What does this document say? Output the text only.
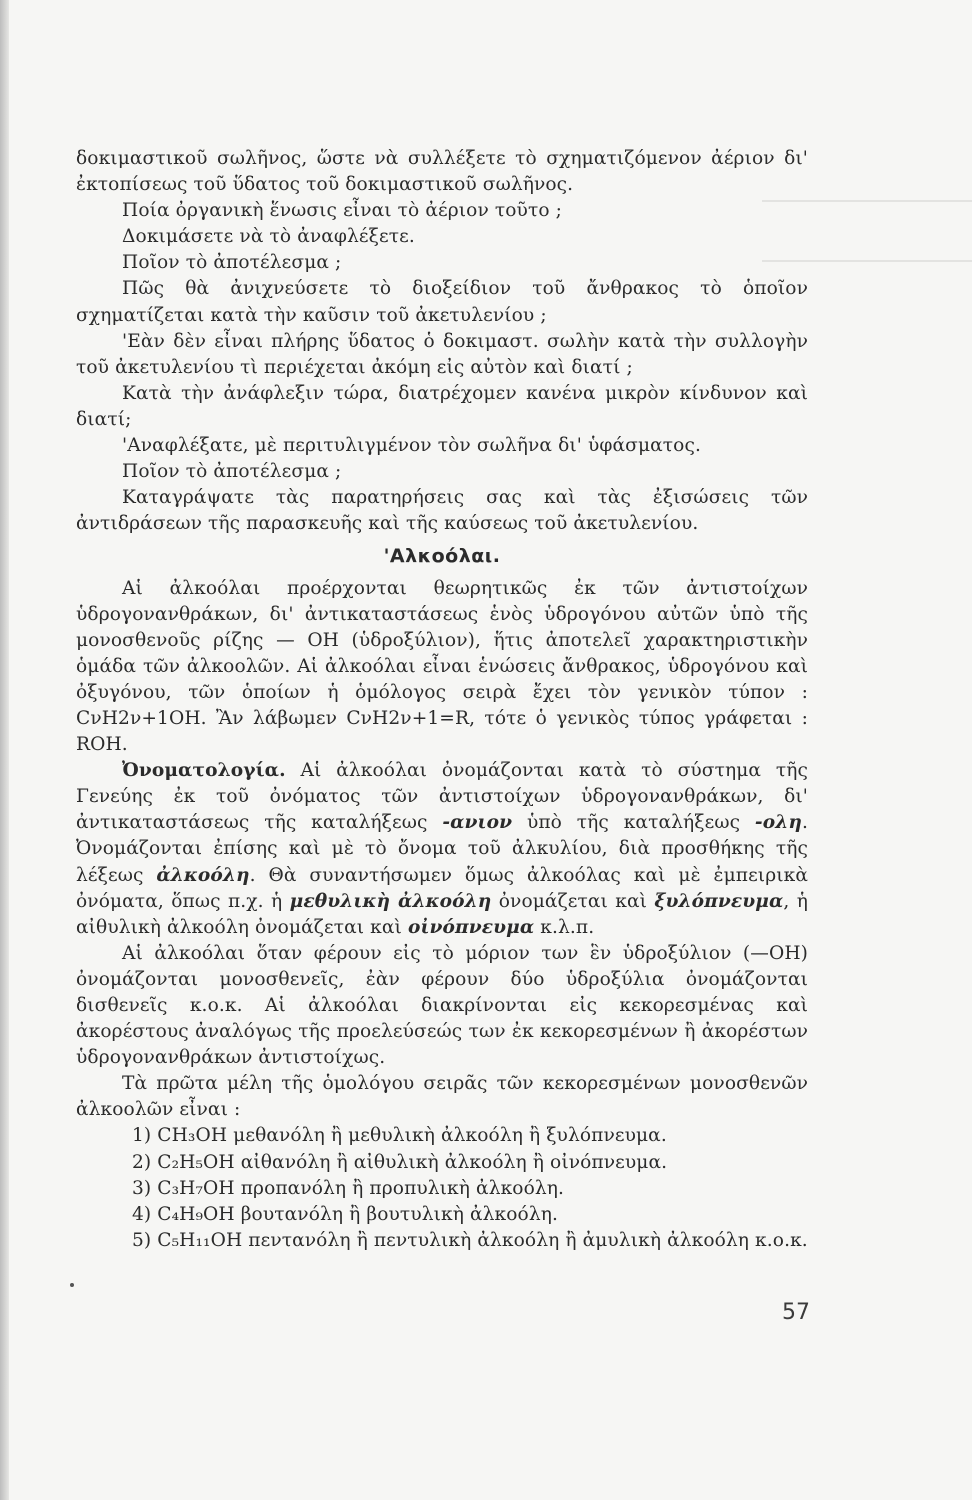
δοκιμαστικοῦ σωλῆνος, ὥστε νὰ συλλέξετε τὸ σχηματιζόμενον ἀέριον δι' ἐκτοπίσεως τοῦ ὕδατος τοῦ δοκιμαστικοῦ σωλῆνος.

Ποία ὀργανικὴ ἕνωσις εἶναι τὸ ἀέριον τοῦτο ;

Δοκιμάσετε νὰ τὸ ἀναφλέξετε.

Ποῖον τὸ ἀποτέλεσμα ;

Πῶς θὰ ἀνιχνεύσετε τὸ διοξείδιον τοῦ ἄνθρακος τὸ ὁποῖον σχηματίζεται κατὰ τὴν καῦσιν τοῦ ἀκετυλενίου ;

'Εὰν δὲν εἶναι πλήρης ὕδατος ὁ δοκιμαστ. σωλὴν κατὰ τὴν συλλογὴν τοῦ ἀκετυλενίου τὶ περιέχεται ἀκόμη εἰς αὐτὸν καὶ διατί ;

Κατὰ τὴν ἀνάφλεξιν τώρα, διατρέχομεν κανένα μικρὸν κίνδυνον καὶ διατί;

'Αναφλέξατε, μὲ περιτυλιγμένον τὸν σωλῆνα δι' ὑφάσματος.

Ποῖον τὸ ἀποτέλεσμα ;

Καταγράψατε τὰς παρατηρήσεις σας καὶ τὰς ἐξισώσεις τῶν ἀντιδράσεων τῆς παρασκευῆς καὶ τῆς καύσεως τοῦ ἀκετυλενίου.

'Αλκοόλαι.

Αἱ ἀλκοόλαι προέρχονται θεωρητικῶς ἐκ τῶν ἀντιστοίχων ὑδρογονανθράκων, δι' ἀντικαταστάσεως ἑνὸς ὑδρογόνου αὐτῶν ὑπὸ τῆς μονοσθενοῦς ρίζης — ΟΗ (ὑδροξύλιον), ἥτις ἀποτελεῖ χαρακτηριστικὴν ὁμάδα τῶν ἀλκοολῶν. Αἱ ἀλκοόλαι εἶναι ἑνώσεις ἄνθρακος, ὑδρογόνου καὶ ὀξυγόνου, τῶν ὁποίων ἡ ὁμόλογος σειρὰ ἔχει τὸν γενικὸν τύπον : CνH2ν+1OH. Ἂν λάβωμεν CνH2ν+1=R, τότε ὁ γενικὸς τύπος γράφεται : ROH.

Ὀνοματολογία. Αἱ ἀλκοόλαι ὀνομάζονται κατὰ τὸ σύστημα τῆς Γενεύης ἐκ τοῦ ὀνόματος τῶν ἀντιστοίχων ὑδρογονανθράκων, δι' ἀντικαταστάσεως τῆς καταλήξεως -ανιον ὑπὸ τῆς καταλήξεως -ολη. Ὀνομάζονται ἐπίσης καὶ μὲ τὸ ὄνομα τοῦ ἀλκυλίου, διὰ προσθήκης τῆς λέξεως ἀλκοόλη. Θὰ συναντήσωμεν ὅμως ἀλκοόλας καὶ μὲ ἐμπειρικὰ ὀνόματα, ὅπως π.χ. ἡ μεθυλικὴ ἀλκοόλη ὀνομάζεται καὶ ξυλόπνευμα, ἡ αἰθυλικὴ ἀλκοόλη ὀνομάζεται καὶ οἰνόπνευμα κ.λ.π.

Αἱ ἀλκοόλαι ὅταν φέρουν εἰς τὸ μόριον των ἓν ὑδροξύλιον (—ΟΗ) ὀνομάζονται μονοσθενεῖς, ἐὰν φέρουν δύο ὑδροξύλια ὀνομάζονται δισθενεῖς κ.ο.κ. Αἱ ἀλκοόλαι διακρίνονται εἰς κεκορεσμένας καὶ ἀκορέστους ἀναλόγως τῆς προελεύσεώς των ἐκ κεκορεσμένων ἢ ἀκορέστων ὑδρογονανθράκων ἀντιστοίχως.

Τὰ πρῶτα μέλη τῆς ὁμολόγου σειρᾶς τῶν κεκορεσμένων μονοσθενῶν ἀλκοολῶν εἶναι :

1) CH₃OH μεθανόλη ἢ μεθυλικὴ ἀλκοόλη ἢ ξυλόπνευμα.
2) C₂H₅OH αἰθανόλη ἢ αἰθυλικὴ ἀλκοόλη ἢ οἰνόπνευμα.
3) C₃H₇OH προπανόλη ἢ προπυλικὴ ἀλκοόλη.
4) C₄H₉OH βουτανόλη ἢ βουτυλικὴ ἀλκοόλη.
5) C₅H₁₁OH πεντανόλη ἢ πεντυλικὴ ἀλκοόλη ἢ ἀμυλικὴ ἀλκοόλη κ.ο.κ.
57
